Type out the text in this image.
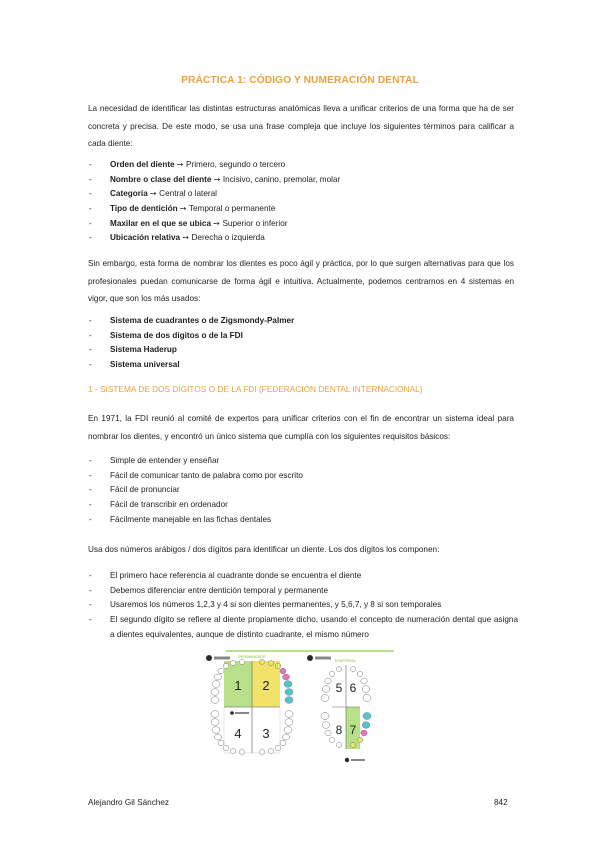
PRÁCTICA 1: CÓDIGO Y NUMERACIÓN DENTAL

La necesidad de identificar las distintas estructuras anatómicas lleva a unificar criterios de una forma que ha de ser concreta y precisa. De este modo, se usa una frase compleja que incluye los siguientes términos para calificar a cada diente:

- Orden del diente ➙ Primero, segundo o tercero
- Nombre o clase del diente ➙ Incisivo, canino, premolar, molar
- Categoría ➙ Central o lateral
- Tipo de dentición ➙ Temporal o permanente
- Maxilar en el que se ubica ➙ Superior o inferior
- Ubicación relativa ➙ Derecha o izquierda

Sin embargo, esta forma de nombrar los dientes es poco ágil y práctica, por lo que surgen alternativas para que los profesionales puedan comunicarse de forma ágil e intuitiva. Actualmente, podemos centrarnos en 4 sistemas en vigor, que son los más usados:

- Sistema de cuadrantes o de Zigsmondy-Palmer
- Sistema de dos dígitos o de la FDI
- Sistema Haderup
- Sistema universal

1 - SISTEMA DE DOS DÍGITOS O DE LA FDI (FEDERACIÓN DENTAL INTERNACIONAL)

En 1971, la FDI reunió al comité de expertos para unificar criterios con el fin de encontrar un sistema ideal para nombrar los dientes, y encontró un único sistema que cumplía con los siguientes requisitos básicos:

- Simple de entender y enseñar
- Fácil de comunicar tanto de palabra como por escrito
- Fácil de pronunciar
- Fácil de transcribir en ordenador
- Fácilmente manejable en las fichas dentales

Usa dos números arábigos / dos dígitos para identificar un diente. Los dos dígitos los componen:

- El primero hace referencia al cuadrante donde se encuentra el diente
- Debemos diferenciar entre dentición temporal y permanente
- Usaremos los números 1,2,3 y 4 si son dientes permanentes, y 5,6,7, y 8 si son temporales
- El segundo dígito se refiere al diente propiamente dicho, usando el concepto de numeración dental que asigna a dientes equivalentes, aunque de distinto cuadrante, el mismo número
PERMANENTE
1 2
4 3
TEMPORAL
5 6
8 7
Alejandro Gil Sánchez	842
